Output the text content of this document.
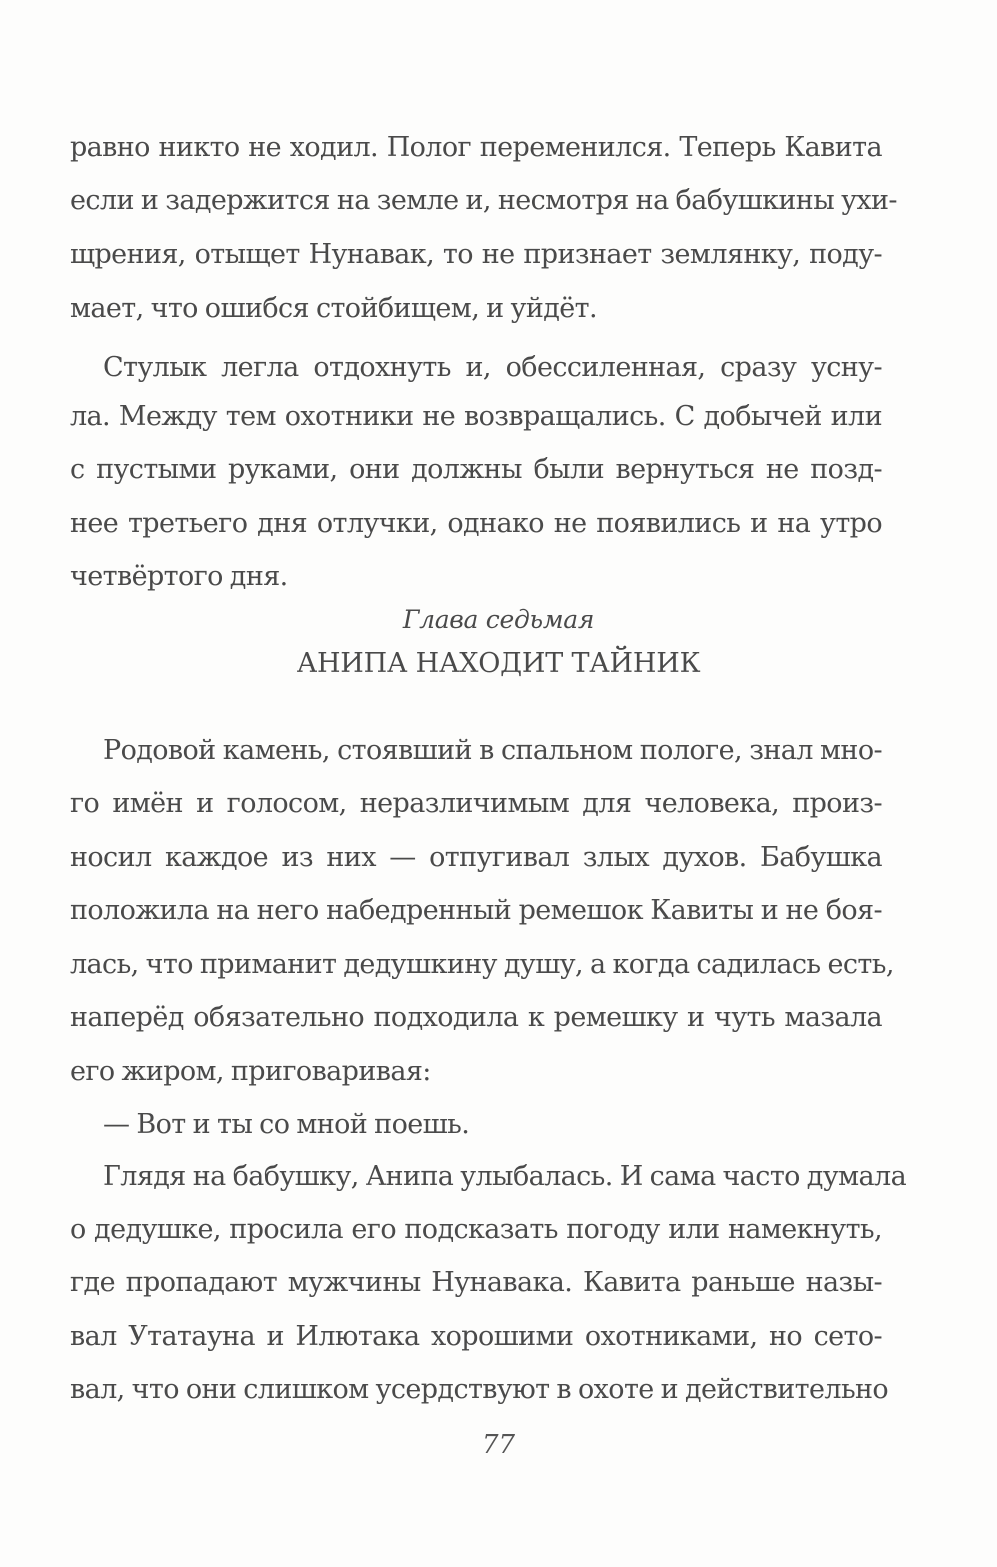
равно никто не ходил. Полог переменился. Теперь Кавита
если и задержится на земле и, несмотря на бабушкины ухи-
щрения, отыщет Нунавак, то не признает землянку, поду-
мает, что ошибся стойбищем, и уйдёт.
Стулык легла отдохнуть и, обессиленная, сразу усну-
ла. Между тем охотники не возвращались. С добычей или
с пустыми руками, они должны были вернуться не позд-
нее третьего дня отлучки, однако не появились и на утро
четвёртого дня.
Глава седьмая
АНИПА НАХОДИТ ТАЙНИК
Родовой камень, стоявший в спальном пологе, знал мно-
го имён и голосом, неразличимым для человека, произ-
носил каждое из них — отпугивал злых духов. Бабушка
положила на него набедренный ремешок Кавиты и не боя-
лась, что приманит дедушкину душу, а когда садилась есть,
наперёд обязательно подходила к ремешку и чуть мазала
его жиром, приговаривая:
— Вот и ты со мной поешь.
Глядя на бабушку, Анипа улыбалась. И сама часто думала
о дедушке, просила его подсказать погоду или намекнуть,
где пропадают мужчины Нунавака. Кавита раньше назы-
вал Утатауна и Илютака хорошими охотниками, но сето-
вал, что они слишком усердствуют в охоте и действительно
77
